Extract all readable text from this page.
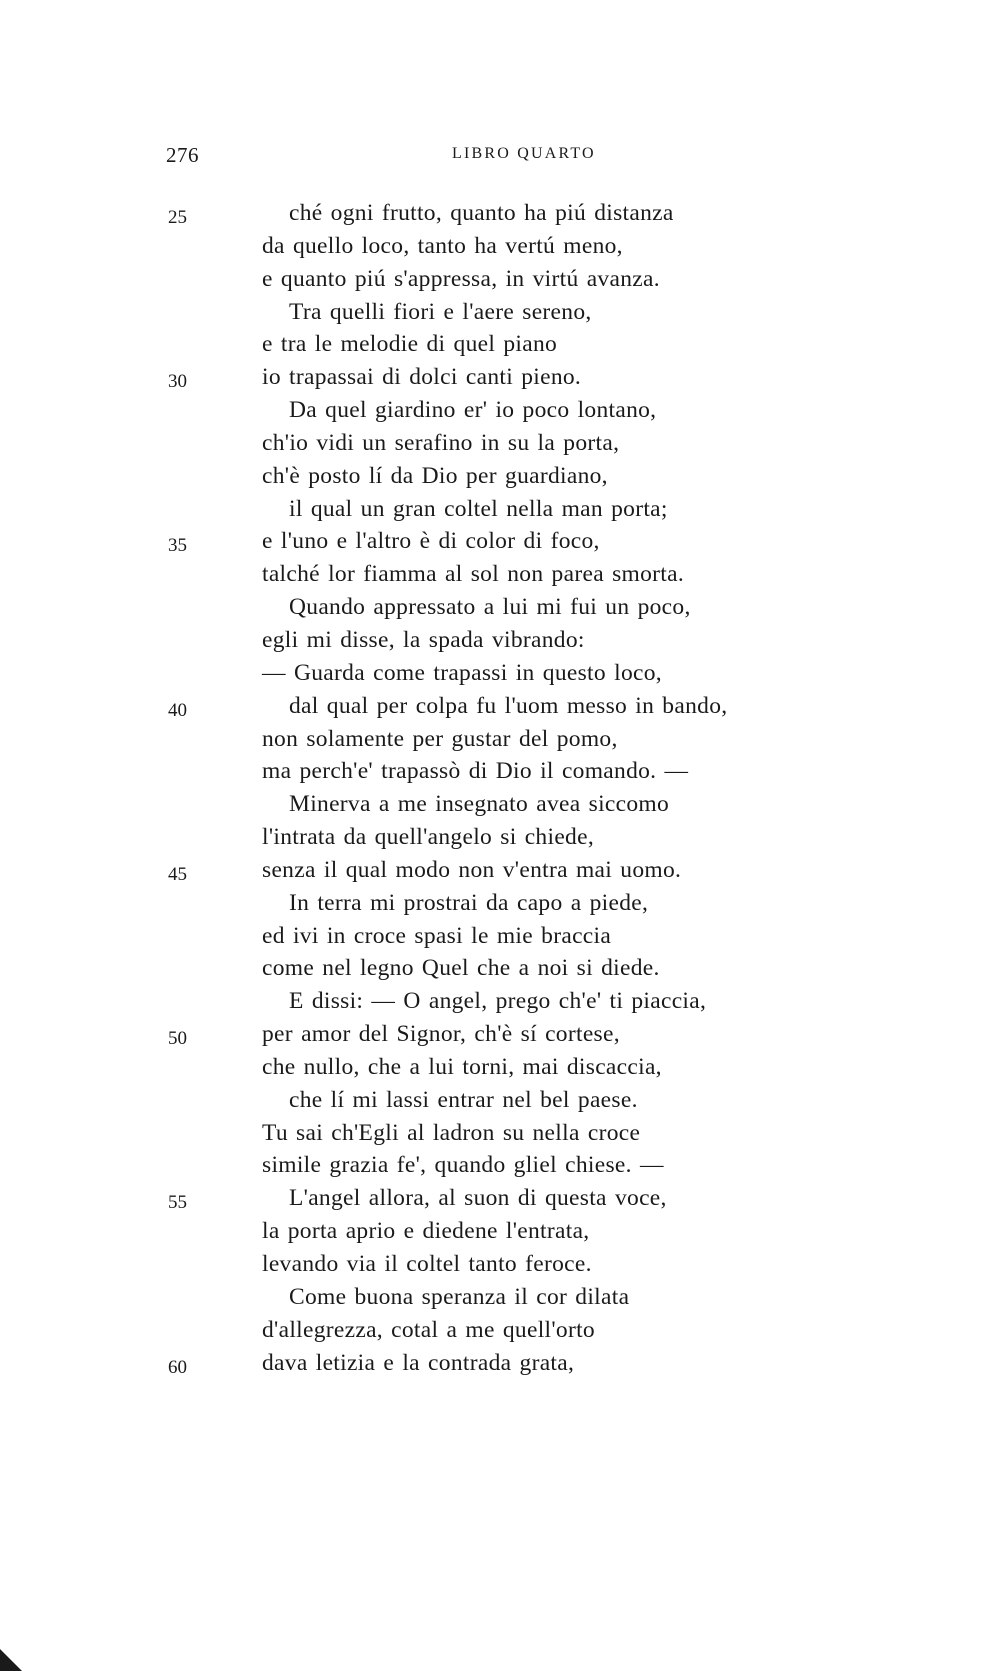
276	LIBRO QUARTO
25	ché ogni frutto, quanto ha piú distanza
da quello loco, tanto ha vertú meno,
e quanto piú s'appressa, in virtú avanza.
Tra quelli fiori e l'aere sereno,
e tra le melodie di quel piano
30	io trapassai di dolci canti pieno.
Da quel giardino er' io poco lontano,
ch'io vidi un serafino in su la porta,
ch'è posto lí da Dio per guardiano,
il qual un gran coltel nella man porta;
35	e l'uno e l'altro è di color di foco,
talché lor fiamma al sol non parea smorta.
Quando appressato a lui mi fui un poco,
egli mi disse, la spada vibrando:
— Guarda come trapassi in questo loco,
40	dal qual per colpa fu l'uom messo in bando,
non solamente per gustar del pomo,
ma perch'e' trapassò di Dio il comando. —
Minerva a me insegnato avea siccomo
l'intrata da quell'angelo si chiede,
45	senza il qual modo non v'entra mai uomo.
In terra mi prostrai da capo a piede,
ed ivi in croce spasi le mie braccia
come nel legno Quel che a noi si diede.
E dissi: — O angel, prego ch'e' ti piaccia,
50	per amor del Signor, ch'è sí cortese,
che nullo, che a lui torni, mai discaccia,
che lí mi lassi entrar nel bel paese.
Tu sai ch'Egli al ladron su nella croce
simile grazia fe', quando gliel chiese. —
55	L'angel allora, al suon di questa voce,
la porta aprio e diedene l'entrata,
levando via il coltel tanto feroce.
Come buona speranza il cor dilata
d'allegrezza, cotal a me quell'orto
60	dava letizia e la contrada grata,
